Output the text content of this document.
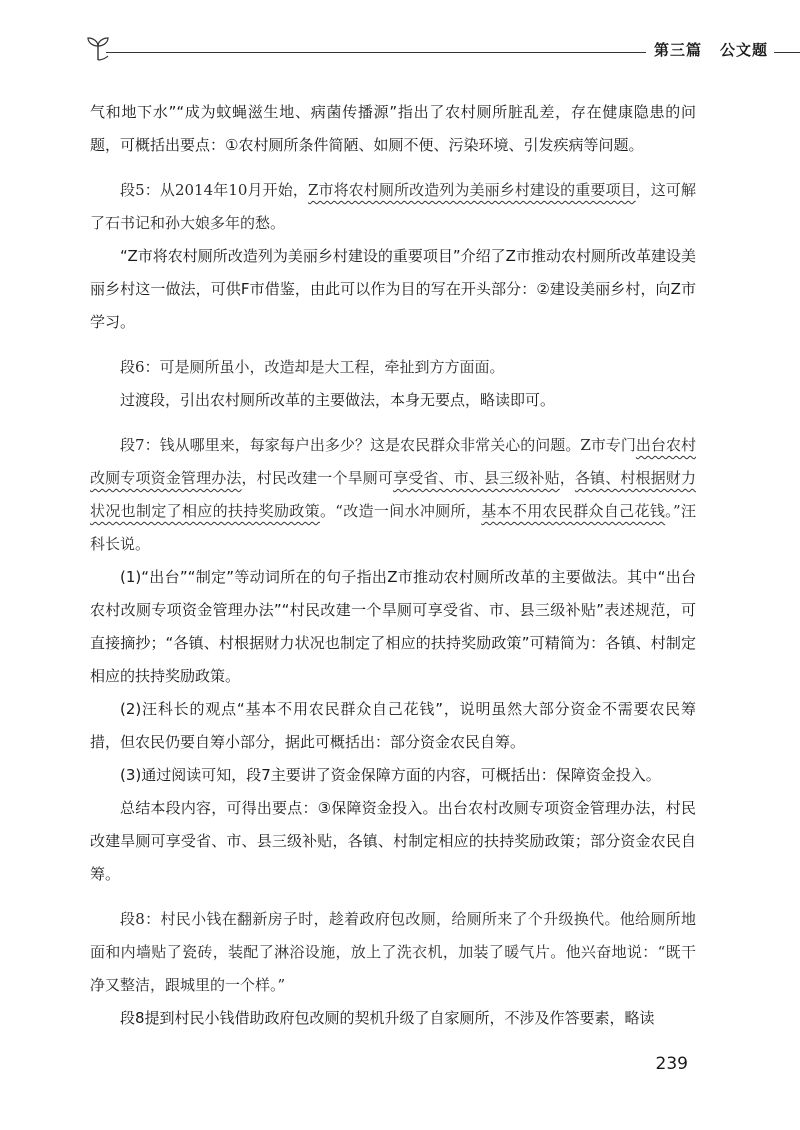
第三篇 公文题

气和地下水”“成为蚊蝇滋生地、病菌传播源”指出了农村厕所脏乱差，存在健康隐患的问题，可概括出要点：①农村厕所条件简陋、如厕不便、污染环境、引发疾病等问题。

段5：从2014年10月开始，Z市将农村厕所改造列为美丽乡村建设的重要项目，这可解了石书记和孙大娘多年的愁。

“Z市将农村厕所改造列为美丽乡村建设的重要项目”介绍了Z市推动农村厕所改革建设美丽乡村这一做法，可供F市借鉴，由此可以作为目的写在开头部分：②建设美丽乡村，向Z市学习。

段6：可是厕所虽小，改造却是大工程，牵扯到方方面面。

过渡段，引出农村厕所改革的主要做法，本身无要点，略读即可。

段7：钱从哪里来，每家每户出多少？这是农民群众非常关心的问题。Z市专门出台农村改厕专项资金管理办法，村民改建一个旱厕可享受省、市、县三级补贴，各镇、村根据财力状况也制定了相应的扶持奖励政策。“改造一间水冲厕所，基本不用农民群众自己花钱。”汪科长说。

(1)“出台”“制定”等动词所在的句子指出Z市推动农村厕所改革的主要做法。其中“出台农村改厕专项资金管理办法”“村民改建一个旱厕可享受省、市、县三级补贴”表述规范，可直接摘抄；“各镇、村根据财力状况也制定了相应的扶持奖励政策”可精简为：各镇、村制定相应的扶持奖励政策。

(2)汪科长的观点“基本不用农民群众自己花钱”，说明虽然大部分资金不需要农民筹措，但农民仍要自筹小部分，据此可概括出：部分资金农民自筹。

(3)通过阅读可知，段7主要讲了资金保障方面的内容，可概括出：保障资金投入。

总结本段内容，可得出要点：③保障资金投入。出台农村改厕专项资金管理办法，村民改建旱厕可享受省、市、县三级补贴，各镇、村制定相应的扶持奖励政策；部分资金农民自筹。

段8：村民小钱在翻新房子时，趁着政府包改厕，给厕所来了个升级换代。他给厕所地面和内墙贴了瓷砖，装配了淋浴设施，放上了洗衣机，加装了暖气片。他兴奋地说：“既干净又整洁，跟城里的一个样。”

段8提到村民小钱借助政府包改厕的契机升级了自家厕所，不涉及作答要素，略读

239
